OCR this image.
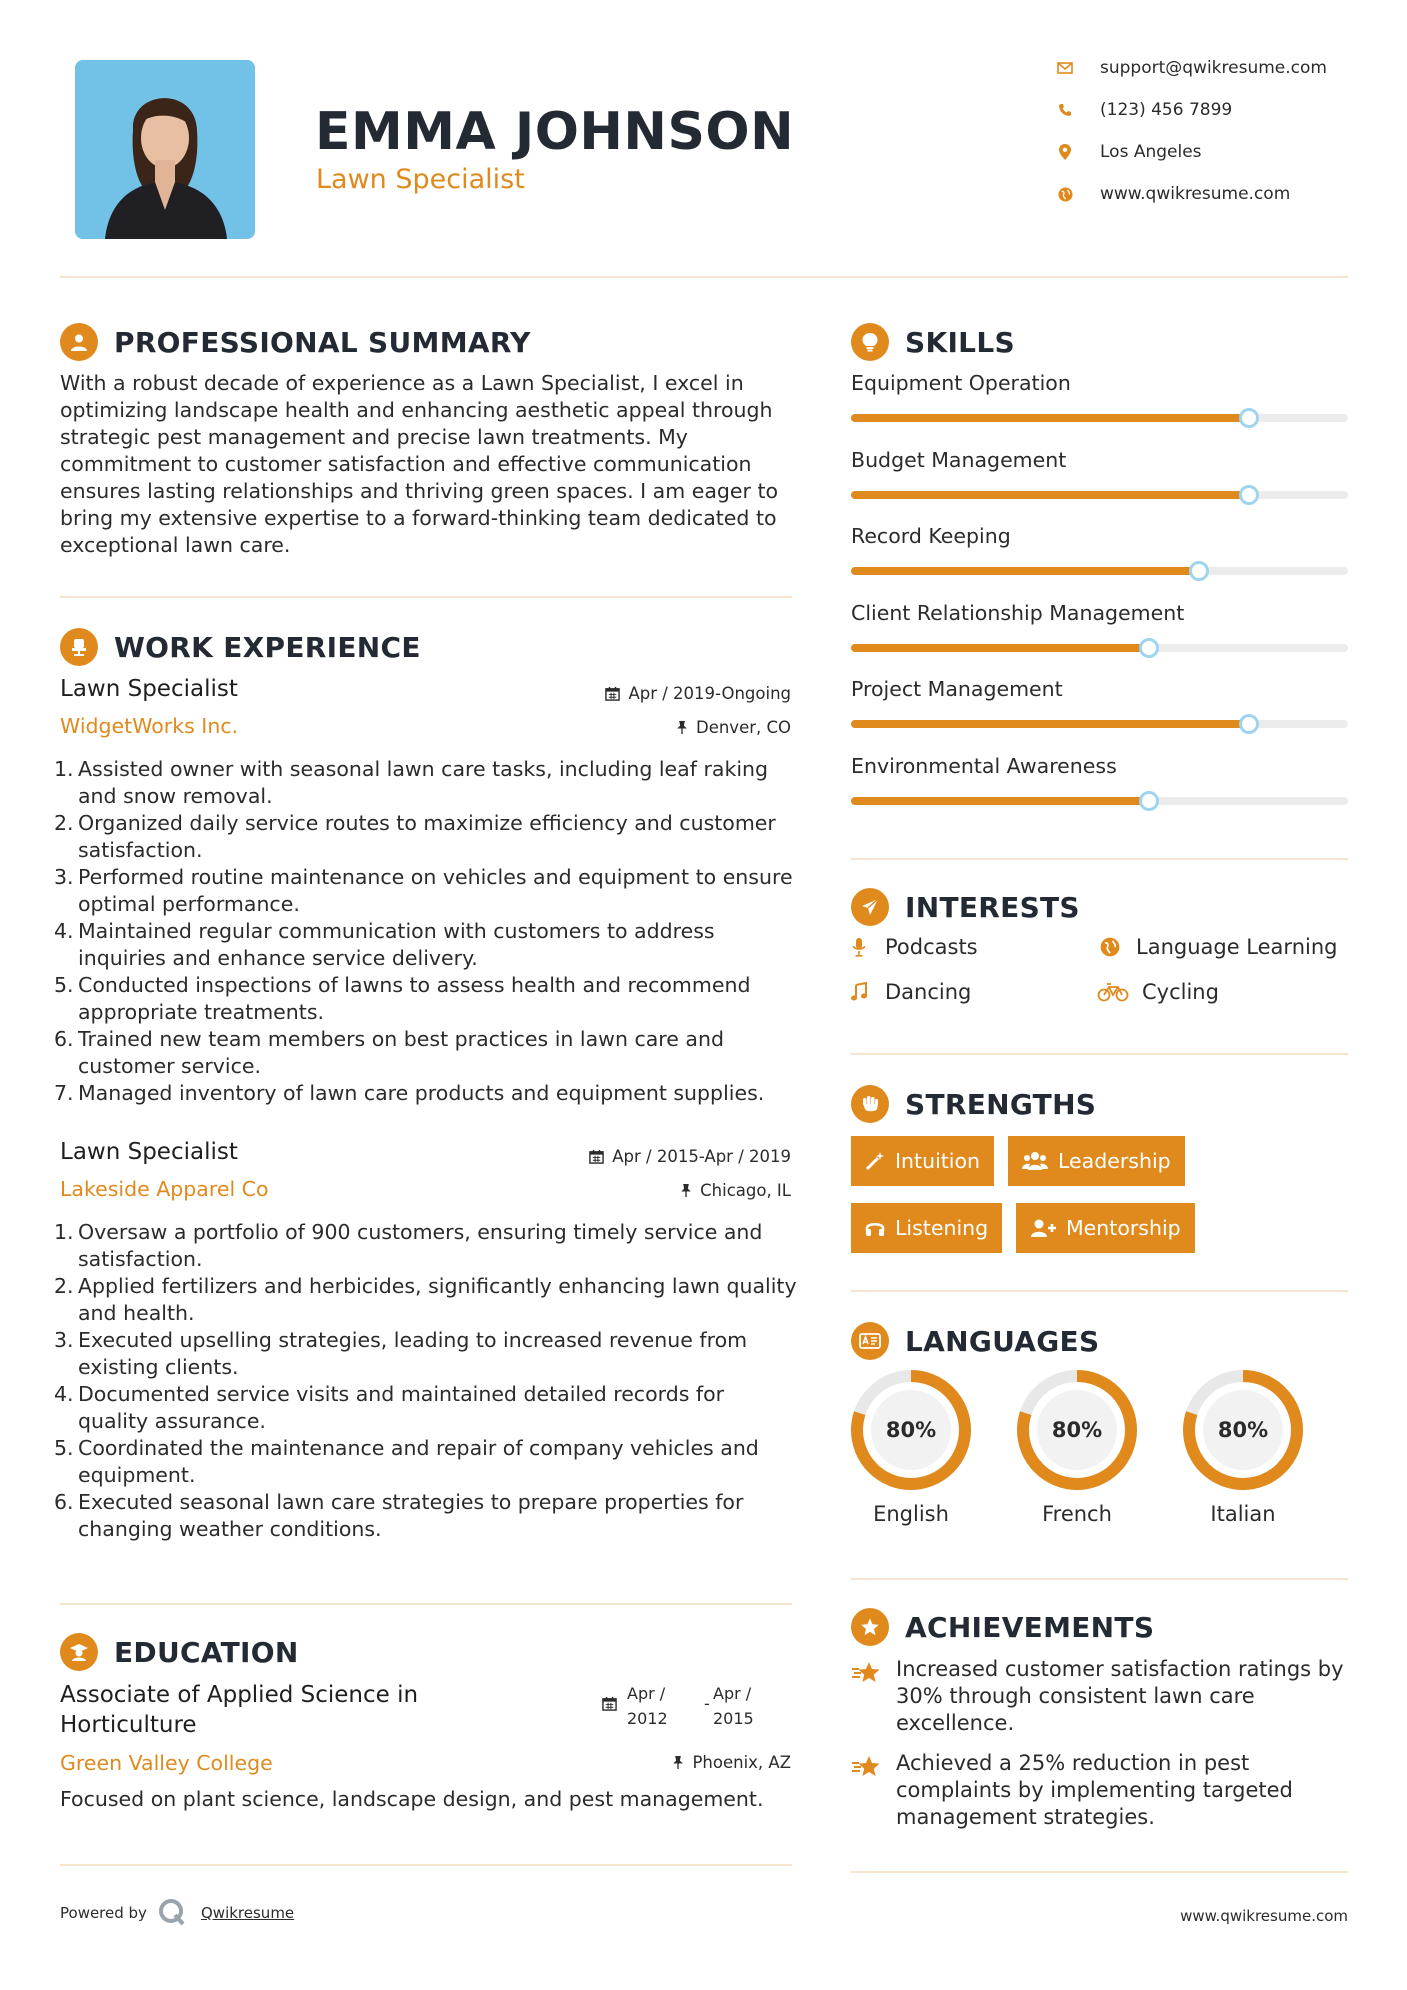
EMMA JOHNSON
Lawn Specialist
support@qwikresume.com
(123) 456 7899
Los Angeles
www.qwikresume.com
PROFESSIONAL SUMMARY
With a robust decade of experience as a Lawn Specialist, I excel in optimizing landscape health and enhancing aesthetic appeal through strategic pest management and precise lawn treatments. My commitment to customer satisfaction and effective communication ensures lasting relationships and thriving green spaces. I am eager to bring my extensive expertise to a forward-thinking team dedicated to exceptional lawn care.
WORK EXPERIENCE
Lawn Specialist	Apr / 2019-Ongoing
WidgetWorks Inc.	Denver, CO
1. Assisted owner with seasonal lawn care tasks, including leaf raking and snow removal.
2. Organized daily service routes to maximize efficiency and customer satisfaction.
3. Performed routine maintenance on vehicles and equipment to ensure optimal performance.
4. Maintained regular communication with customers to address inquiries and enhance service delivery.
5. Conducted inspections of lawns to assess health and recommend appropriate treatments.
6. Trained new team members on best practices in lawn care and customer service.
7. Managed inventory of lawn care products and equipment supplies.
Lawn Specialist	Apr / 2015-Apr / 2019
Lakeside Apparel Co	Chicago, IL
1. Oversaw a portfolio of 900 customers, ensuring timely service and satisfaction.
2. Applied fertilizers and herbicides, significantly enhancing lawn quality and health.
3. Executed upselling strategies, leading to increased revenue from existing clients.
4. Documented service visits and maintained detailed records for quality assurance.
5. Coordinated the maintenance and repair of company vehicles and equipment.
6. Executed seasonal lawn care strategies to prepare properties for changing weather conditions.
EDUCATION
Associate of Applied Science in
Horticulture
Apr /
2012
-
Apr /
2015
Green Valley College	Phoenix, AZ
Focused on plant science, landscape design, and pest management.
SKILLS
Equipment Operation
Budget Management
Record Keeping
Client Relationship Management
Project Management
Environmental Awareness
INTERESTS
Podcasts	Language Learning
Dancing	Cycling
STRENGTHS
Intuition	Leadership
Listening	Mentorship
LANGUAGES
80%
English
80%
French
80%
Italian
ACHIEVEMENTS
Increased customer satisfaction ratings by
30% through consistent lawn care
excellence.
Achieved a 25% reduction in pest
complaints by implementing targeted
management strategies.
Powered by	Qwikresume	www.qwikresume.com
